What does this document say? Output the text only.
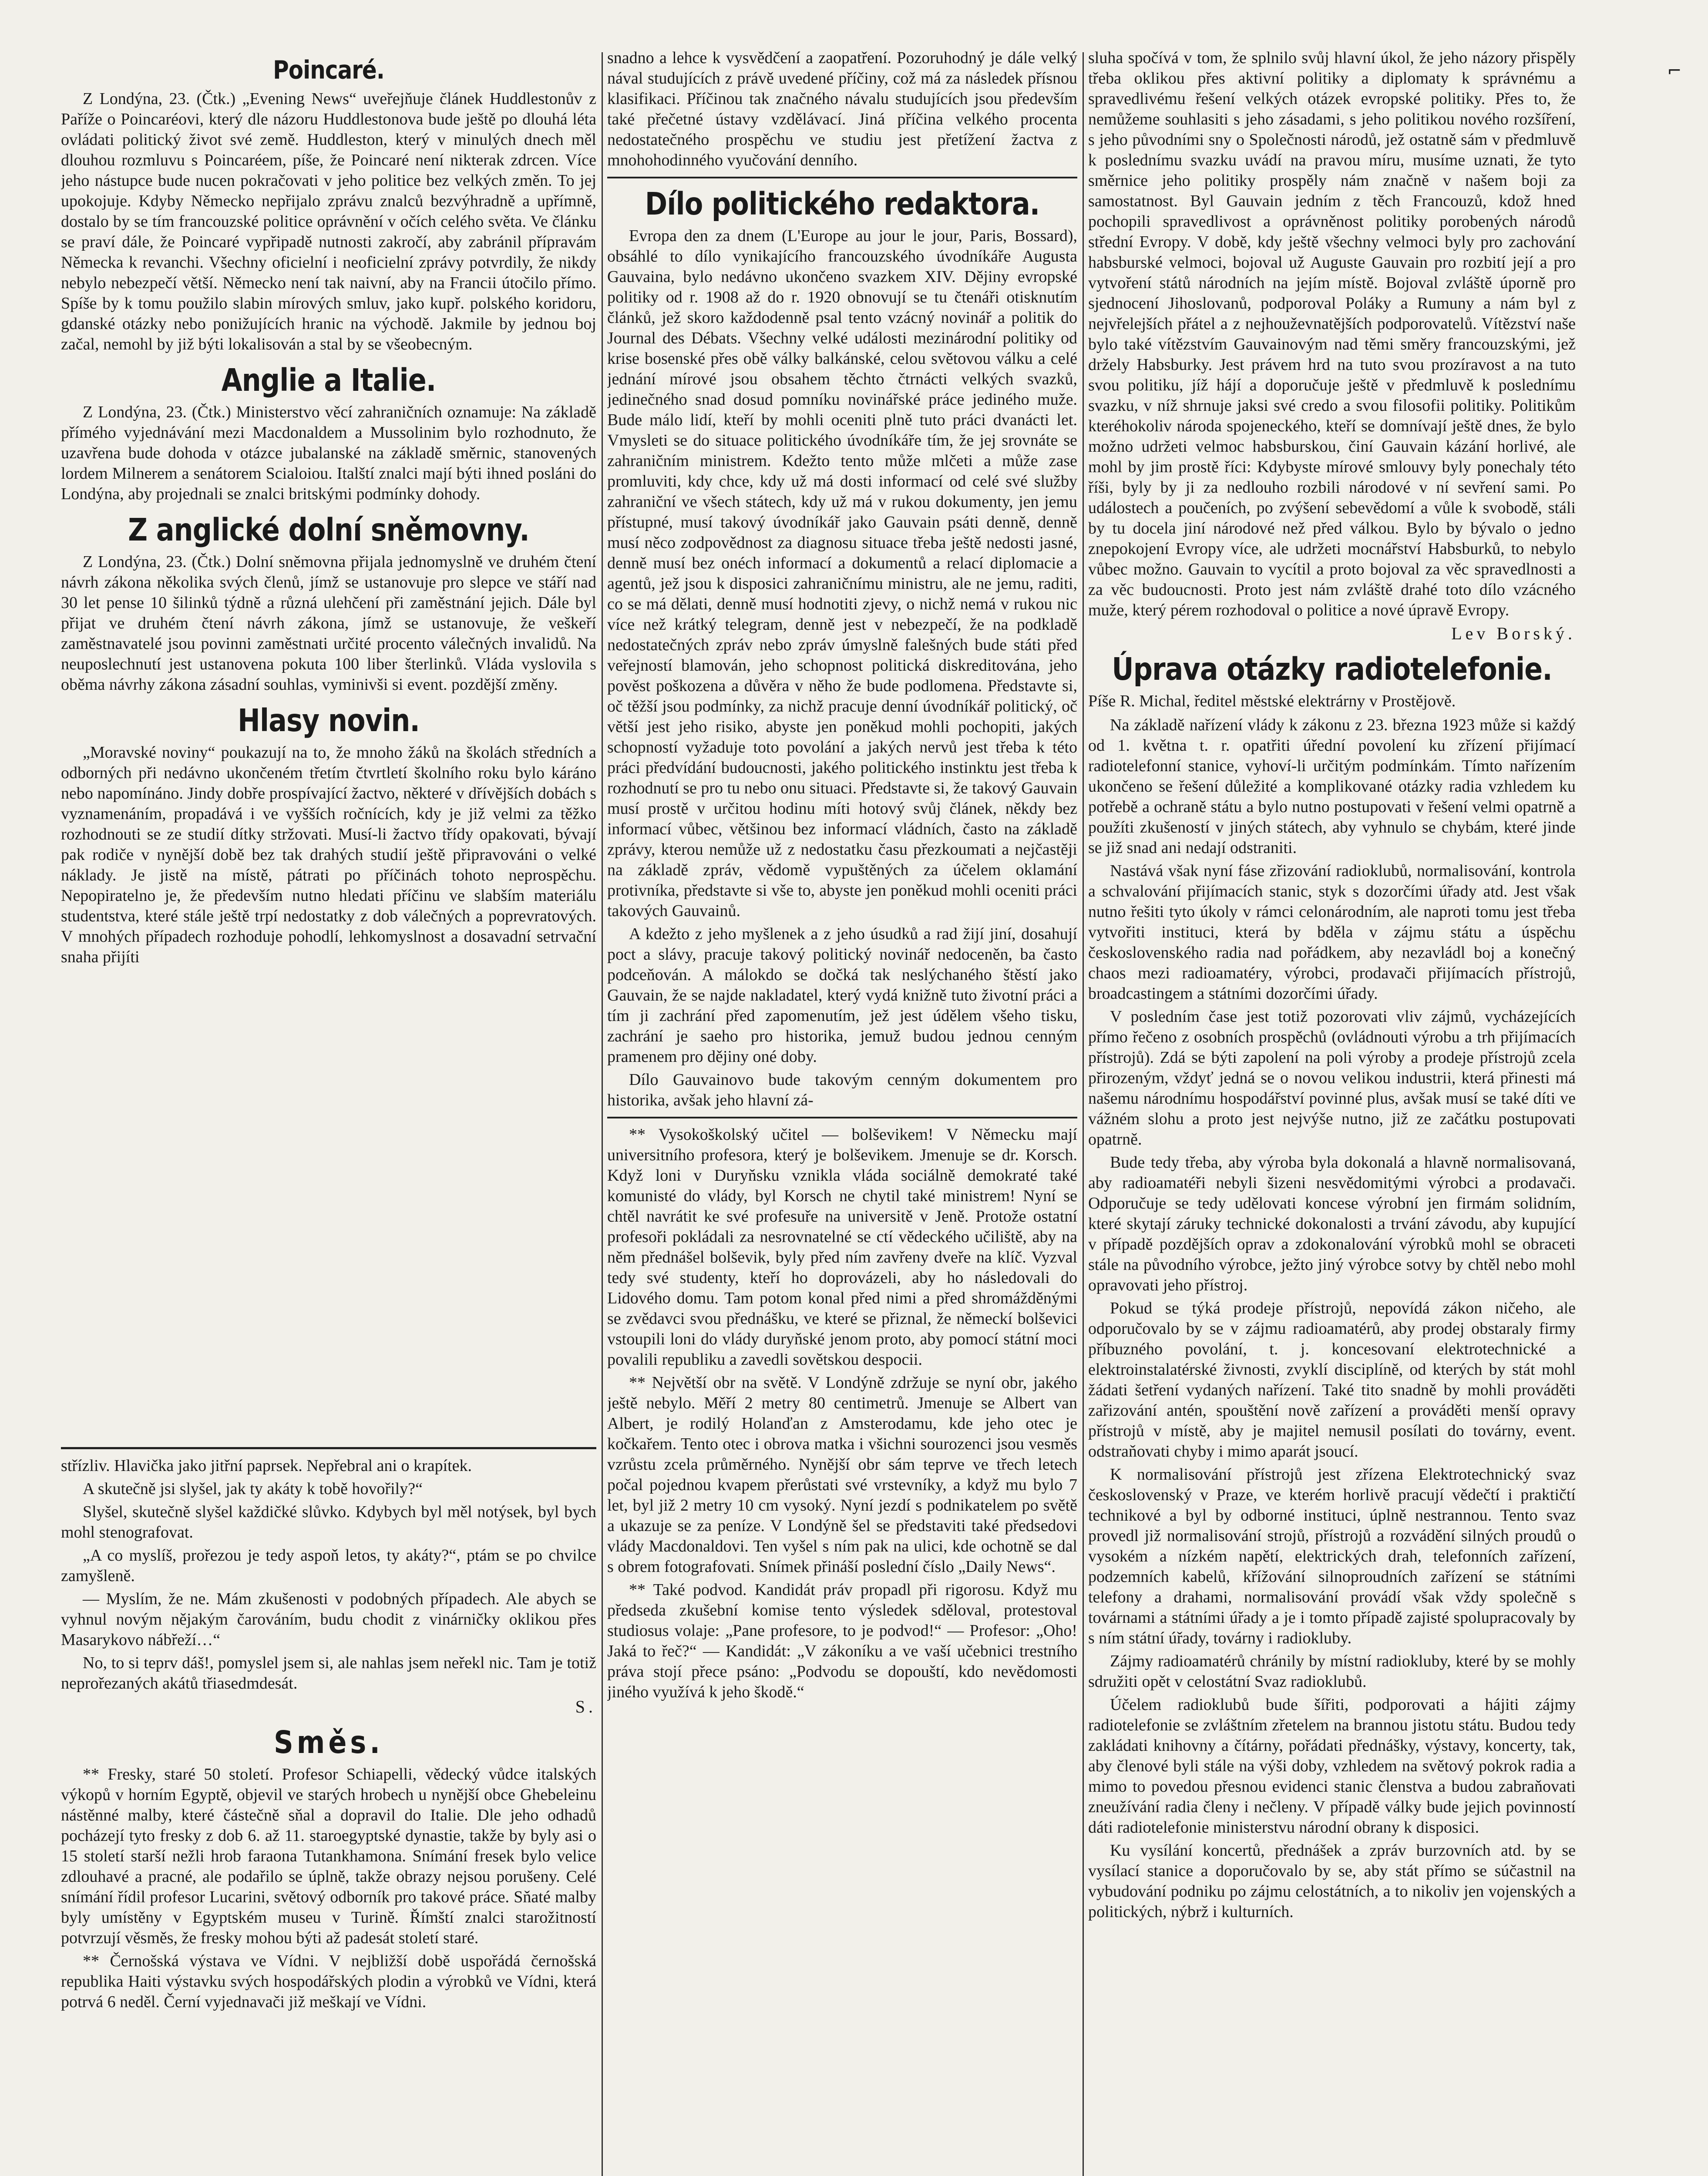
⌐
Poincaré.

Z Londýna, 23. (Čtk.) „Evening News“ uveřejňuje článek Huddlestonův z Paříže o Poincaréovi, který dle názoru Huddlestonova bude ještě po dlouhá léta ovládati politický život své země. Huddleston, který v minulých dnech měl dlouhou rozmluvu s Poincaréem, píše, že Poincaré není nikterak zdrcen. Více jeho nástupce bude nucen pokračovati v jeho politice bez velkých změn. To jej upokojuje. Kdyby Německo nepřijalo zprávu znalců bezvýhradně a upřímně, dostalo by se tím francouzské politice oprávnění v očích celého světa. Ve článku se praví dále, že Poincaré vypřipadě nutnosti zakročí, aby zabránil přípravám Německa k revanchi. Všechny oficielní i neoficielní zprávy potvrdily, že nikdy nebylo nebezpečí větší. Německo není tak naivní, aby na Francii útočilo přímo. Spíše by k tomu použilo slabin mírových smluv, jako kupř. polského koridoru, gdanské otázky nebo ponižujících hranic na východě. Jakmile by jednou boj začal, nemohl by již býti lokalisován a stal by se všeobecným.

Anglie a Italie.

Z Londýna, 23. (Čtk.) Ministerstvo věcí zahraničních oznamuje: Na základě přímého vyjednávání mezi Macdonaldem a Mussolinim bylo rozhodnuto, že uzavřena bude dohoda v otázce jubalanské na základě směrnic, stanovených lordem Milnerem a senátorem Scialoiou. Italští znalci mají býti ihned posláni do Londýna, aby projednali se znalci britskými podmínky dohody.

Z anglické dolní sněmovny.

Z Londýna, 23. (Čtk.) Dolní sněmovna přijala jednomyslně ve druhém čtení návrh zákona několika svých členů, jímž se ustanovuje pro slepce ve stáří nad 30 let pense 10 šilinků týdně a různá ulehčení při zaměstnání jejich. Dále byl přijat ve druhém čtení návrh zákona, jímž se ustanovuje, že veškeří zaměstnavatelé jsou povinni zaměstnati určité procento válečných invalidů. Na neuposlechnutí jest ustanovena pokuta 100 liber šterlinků. Vláda vyslovila s oběma návrhy zákona zásadní souhlas, vyminivši si event. pozdější změny.

Hlasy novin.

„Moravské noviny“ poukazují na to, že mnoho žáků na školách středních a odborných při nedávno ukončeném třetím čtvrtletí školního roku bylo káráno nebo napomínáno. Jindy dobře prospívající žactvo, některé v dřívějších dobách s vyznamenáním, propadává i ve vyšších ročnících, kdy je již velmi za těžko rozhodnouti se ze studií dítky stržovati. Musí-li žactvo třídy opakovati, bývají pak rodiče v nynější době bez tak drahých studií ještě připravováni o velké náklady. Je jistě na místě, pátrati po příčinách tohoto neprospěchu. Nepopiratelno je, že především nutno hledati příčinu ve slabším materiálu studentstva, které stále ještě trpí nedostatky z dob válečných a poprevratových. V mnohých případech rozhoduje pohodlí, lehkomyslnost a dosavadní setrvační snaha přijíti

střízliv. Hlavička jako jitřní paprsek. Nepřebral ani o krapítek.

A skutečně jsi slyšel, jak ty akáty k tobě hovořily?“

Slyšel, skutečně slyšel každičké slůvko. Kdybych byl měl notýsek, byl bych mohl stenografovat.

„A co myslíš, prořezou je tedy aspoň letos, ty akáty?“, ptám se po chvilce zamyšleně.

— Myslím, že ne. Mám zkušenosti v podobných případech. Ale abych se vyhnul novým nějakým čarováním, budu chodit z vinárničky oklikou přes Masarykovo nábřeží…“

No, to si teprv dáš!, pomyslel jsem si, ale nahlas jsem neřekl nic. Tam je totiž neprořezaných akátů třiasedmdesát.

S.
Směs.

** Fresky, staré 50 století. Profesor Schiapelli, vědecký vůdce italských výkopů v horním Egyptě, objevil ve starých hrobech u nynější obce Ghebeleinu nástěnné malby, které částečně sňal a dopravil do Italie. Dle jeho odhadů pocházejí tyto fresky z dob 6. až 11. staroegyptské dynastie, takže by byly asi o 15 století starší nežli hrob faraona Tutankhamona. Snímání fresek bylo velice zdlouhavé a pracné, ale podařilo se úplně, takže obrazy nejsou porušeny. Celé snímání řídil profesor Lucarini, světový odborník pro takové práce. Sňaté malby byly umístěny v Egyptském museu v Turině. Římští znalci starožitností potvrzují věsměs, že fresky mohou býti až padesát století staré.

** Černošská výstava ve Vídni. V nejbližší době uspořádá černošská republika Haiti výstavku svých hospodářských plodin a výrobků ve Vídni, která potrvá 6 neděl. Černí vyjednavači již meškají ve Vídni.

snadno a lehce k vysvědčení a zaopatření. Pozoruhodný je dále velký nával studujících z právě uvedené příčiny, což má za následek přísnou klasifikaci. Příčinou tak značného návalu studujících jsou především také přečetné ústavy vzdělávací. Jiná příčina velkého procenta nedostatečného prospěchu ve studiu jest přetížení žactva z mnohohodinného vyučování denního.

Dílo politického redaktora.

Evropa den za dnem (L'Europe au jour le jour, Paris, Bossard), obsáhlé to dílo vynikajícího francouzského úvodníkáře Augusta Gauvaina, bylo nedávno ukončeno svazkem XIV. Dějiny evropské politiky od r. 1908 až do r. 1920 obnovují se tu čtenáři otisknutím článků, jež skoro každodenně psal tento vzácný novinář a politik do Journal des Débats. Všechny velké události mezinárodní politiky od krise bosenské přes obě války balkánské, celou světovou válku a celé jednání mírové jsou obsahem těchto čtrnácti velkých svazků, jedinečného snad dosud pomníku novinářské práce jediného muže. Bude málo lidí, kteří by mohli oceniti plně tuto práci dvanácti let. Vmysleti se do situace politického úvodníkáře tím, že jej srovnáte se zahraničním ministrem. Kdežto tento může mlčeti a může zase promluviti, kdy chce, kdy už má dosti informací od celé své služby zahraniční ve všech státech, kdy už má v rukou dokumenty, jen jemu přístupné, musí takový úvodníkář jako Gauvain psáti denně, denně musí něco zodpovědnost za diagnosu situace třeba ještě nedosti jasné, denně musí bez onéch informací a dokumentů a relací diplomacie a agentů, jež jsou k disposici zahraničnímu ministru, ale ne jemu, raditi, co se má dělati, denně musí hodnotiti zjevy, o nichž nemá v rukou nic více než krátký telegram, denně jest v nebezpečí, že na podkladě nedostatečných zpráv nebo zpráv úmyslně falešných bude státi před veřejností blamován, jeho schopnost politická diskreditována, jeho pověst poškozena a důvěra v něho že bude podlomena. Představte si, oč těžší jsou podmínky, za nichž pracuje denní úvodníkář politický, oč větší jest jeho risiko, abyste jen poněkud mohli pochopiti, jakých schopností vyžaduje toto povolání a jakých nervů jest třeba k této práci předvídání budoucnosti, jakého politického instinktu jest třeba k rozhodnutí se pro tu nebo onu situaci. Představte si, že takový Gauvain musí prostě v určitou hodinu míti hotový svůj článek, někdy bez informací vůbec, většinou bez informací vládních, často na základě zprávy, kterou nemůže už z nedostatku času přezkoumati a nejčastěji na základě zpráv, vědomě vypuštěných za účelem oklamání protivníka, představte si vše to, abyste jen poněkud mohli oceniti práci takových Gauvainů.

A kdežto z jeho myšlenek a z jeho úsudků a rad žijí jiní, dosahují poct a slávy, pracuje takový politický novinář nedoceněn, ba často podceňován. A málokdo se dočká tak neslýchaného štěstí jako Gauvain, že se najde nakladatel, který vydá knižně tuto životní práci a tím ji zachrání před zapomenutím, jež jest údělem všeho tisku, zachrání je saeho pro historika, jemuž budou jednou cenným pramenem pro dějiny oné doby.

Dílo Gauvainovo bude takovým cenným dokumentem pro historika, avšak jeho hlavní zá-

** Vysokoškolský učitel — bolševikem! V Německu mají universitního profesora, který je bolševikem. Jmenuje se dr. Korsch. Když loni v Duryňsku vznikla vláda sociálně demokraté také komunisté do vlády, byl Korsch ne chytil také ministrem! Nyní se chtěl navrátit ke své profesuře na universitě v Jeně. Protože ostatní profesoři pokládali za nesrovnatelné se ctí vědeckého učiliště, aby na něm přednášel bolševik, byly před ním zavřeny dveře na klíč. Vyzval tedy své studenty, kteří ho doprovázeli, aby ho následovali do Lidového domu. Tam potom konal před nimi a před shromážděnými se zvědavci svou přednášku, ve které se přiznal, že německí bolševici vstoupili loni do vlády duryňské jenom proto, aby pomocí státní moci povalili republiku a zavedli sovětskou despocii.

** Největší obr na světě. V Londýně zdržuje se nyní obr, jakého ještě nebylo. Měří 2 metry 80 centimetrů. Jmenuje se Albert van Albert, je rodilý Holanďan z Amsterodamu, kde jeho otec je kočkařem. Tento otec i obrova matka i všichni sourozenci jsou vesměs vzrůstu zcela průměrného. Nynější obr sám teprve ve třech letech počal pojednou kvapem přerůstati své vrstevníky, a když mu bylo 7 let, byl již 2 metry 10 cm vysoký. Nyní jezdí s podnikatelem po světě a ukazuje se za peníze. V Londýně šel se představiti také předsedovi vlády Macdonaldovi. Ten vyšel s ním pak na ulici, kde ochotně se dal s obrem fotografovati. Snímek přináší poslední číslo „Daily News“.

** Také podvod. Kandidát práv propadl při rigorosu. Když mu předseda zkušební komise tento výsledek sděloval, protestoval studiosus volaje: „Pane profesore, to je podvod!“ — Profesor: „Oho! Jaká to řeč?“ — Kandidát: „V zákoníku a ve vaší učebnici trestního práva stojí přece psáno: „Podvodu se dopouští, kdo nevědomosti jiného využívá k jeho škodě.“

sluha spočívá v tom, že splnilo svůj hlavní úkol, že jeho názory přispěly třeba oklikou přes aktivní politiky a diplomaty k správnému a spravedlivému řešení velkých otázek evropské politiky. Přes to, že nemůžeme souhlasiti s jeho zásadami, s jeho politikou nového rozšíření, s jeho původními sny o Společnosti národů, jež ostatně sám v předmluvě k poslednímu svazku uvádí na pravou míru, musíme uznati, že tyto směrnice jeho politiky prospěly nám značně v našem boji za samostatnost. Byl Gauvain jedním z těch Francouzů, kdož hned pochopili spravedlivost a oprávněnost politiky porobených národů střední Evropy. V době, kdy ještě všechny velmoci byly pro zachování habsburské velmoci, bojoval už Auguste Gauvain pro rozbití její a pro vytvoření států národních na jejím místě. Bojoval zvláště úporně pro sjednocení Jihoslovanů, podporoval Poláky a Rumuny a nám byl z nejvřelejších přátel a z nejhouževnatějších podporovatelů. Vítězství naše bylo také vítězstvím Gauvainovým nad těmi směry francouzskými, jež držely Habsburky. Jest právem hrd na tuto svou prozíravost a na tuto svou politiku, jíž hájí a doporučuje ještě v předmluvě k poslednímu svazku, v níž shrnuje jaksi své credo a svou filosofii politiky. Politikům kteréhokoliv národa spojeneckého, kteří se domnívají ještě dnes, že bylo možno udržeti velmoc habsburskou, činí Gauvain kázání horlivé, ale mohl by jim prostě říci: Kdybyste mírové smlouvy byly ponechaly této říši, byly by ji za nedlouho rozbili národové v ní sevření sami. Po událostech a poučeních, po zvýšení sebevědomí a vůle k svobodě, stáli by tu docela jiní národové než před válkou. Bylo by bývalo o jedno znepokojení Evropy více, ale udržeti mocnářství Habsburků, to nebylo vůbec možno. Gauvain to vycítil a proto bojoval za věc spravedlnosti a za věc budoucnosti. Proto jest nám zvláště drahé toto dílo vzácného muže, který pérem rozhodoval o politice a nové úpravě Evropy.

Lev Borský.
Úprava otázky radiotelefonie.
Píše R. Michal, ředitel městské elektrárny v Prostějově.

Na základě nařízení vlády k zákonu z 23. března 1923 může si každý od 1. května t. r. opatřiti úřední povolení ku zřízení přijímací radiotelefonní stanice, vyhoví-li určitým podmínkám. Tímto nařízením ukončeno se řešení důležité a komplikované otázky radia vzhledem ku potřebě a ochraně státu a bylo nutno postupovati v řešení velmi opatrně a použíti zkušeností v jiných státech, aby vyhnulo se chybám, které jinde se již snad ani nedají odstraniti.

Nastává však nyní fáse zřizování radioklubů, normalisování, kontrola a schvalování přijímacích stanic, styk s dozorčími úřady atd. Jest však nutno řešiti tyto úkoly v rámci celonárodním, ale naproti tomu jest třeba vytvořiti instituci, která by bděla v zájmu státu a úspěchu československého radia nad pořádkem, aby nezavládl boj a konečný chaos mezi radioamatéry, výrobci, prodavači přijímacích přístrojů, broadcastingem a státními dozorčími úřady.

V posledním čase jest totiž pozorovati vliv zájmů, vycházejících přímo řečeno z osobních prospěchů (ovládnouti výrobu a trh přijímacích přístrojů). Zdá se býti zapolení na poli výroby a prodeje přístrojů zcela přirozeným, vždyť jedná se o novou velikou industrii, která přinesti má našemu národnímu hospodářství povinné plus, avšak musí se také díti ve vážném slohu a proto jest nejvýše nutno, již ze začátku postupovati opatrně.

Bude tedy třeba, aby výroba byla dokonalá a hlavně normalisovaná, aby radioamatéři nebyli šizeni nesvědomitými výrobci a prodavači. Odporučuje se tedy udělovati koncese výrobní jen firmám solidním, které skytají záruky technické dokonalosti a trvání závodu, aby kupující v případě pozdějších oprav a zdokonalování výrobků mohl se obraceti stále na původního výrobce, ježto jiný výrobce sotvy by chtěl nebo mohl opravovati jeho přístroj.

Pokud se týká prodeje přístrojů, nepovídá zákon ničeho, ale odporučovalo by se v zájmu radioamatérů, aby prodej obstaraly firmy příbuzného povolání, t. j. koncesovaní elektrotechnické a elektroinstalatérské živnosti, zvyklí disciplíně, od kterých by stát mohl žádati šetření vydaných nařízení. Také tito snadně by mohli prováděti zařizování antén, spouštění nově zařízení a prováděti menší opravy přístrojů v místě, aby je majitel nemusil posílati do továrny, event. odstraňovati chyby i mimo aparát jsoucí.

K normalisování přístrojů jest zřízena Elektrotechnický svaz československý v Praze, ve kterém horlivě pracují vědečtí i praktičtí technikové a byl by odborné instituci, úplně nestrannou. Tento svaz provedl již normalisování strojů, přístrojů a rozvádění silných proudů o vysokém a nízkém napětí, elektrických drah, telefonních zařízení, podzemních kabelů, křížování silnoproudních zařízení se státními telefony a drahami, normalisování provádí však vždy společně s továrnami a státními úřady a je i tomto případě zajisté spolupracovaly by s ním státní úřady, továrny i radiokluby.

Zájmy radioamatérů chránily by místní radiokluby, které by se mohly sdružiti opět v celostátní Svaz radioklubů.

Účelem radioklubů bude šířiti, podporovati a hájiti zájmy radiotelefonie se zvláštním zřetelem na brannou jistotu státu. Budou tedy zakládati knihovny a čítárny, pořádati přednášky, výstavy, koncerty, tak, aby členové byli stále na výši doby, vzhledem na světový pokrok radia a mimo to povedou přesnou evidenci stanic členstva a budou zabraňovati zneužívání radia členy i nečleny. V případě války bude jejich povinností dáti radiotelefonie ministerstvu národní obrany k disposici.

Ku vysílání koncertů, přednášek a zpráv burzovních atd. by se vysílací stanice a doporučovalo by se, aby stát přímo se súčastnil na vybudování podniku po zájmu celostátních, a to nikoliv jen vojenských a politických, nýbrž i kulturních.
